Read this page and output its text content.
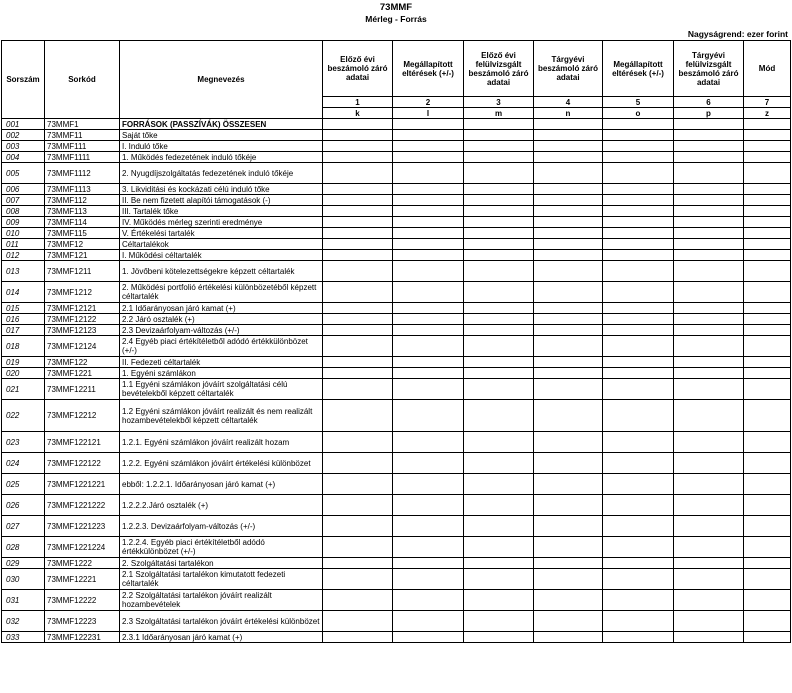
73MMF
Mérleg - Forrás
Nagyságrend: ezer forint
Sorszám	Sorkód	Megnevezés	Előző évi beszámoló záró adatai	Megállapított eltérések (+/-)	Előző évi felülvizsgált beszámoló záró adatai	Tárgyévi beszámoló záró adatai	Megállapított eltérések (+/-)	Tárgyévi felülvizsgált beszámoló záró adatai	Mód
			1	2	3	4	5	6	7
			k	l	m	n	o	p	z
001	73MMF1	FORRÁSOK (PASSZÍVÁK) ÖSSZESEN							
002	73MMF11	Saját tőke							
003	73MMF111	I. Induló tőke							
004	73MMF1111	1. Működés fedezetének induló tőkéje							
005	73MMF1112	2. Nyugdíjszolgáltatás fedezetének induló tőkéje							
006	73MMF1113	3. Likviditási és kockázati célú induló tőke							
007	73MMF112	II. Be nem fizetett alapítói támogatások (-)							
008	73MMF113	III. Tartalék tőke							
009	73MMF114	IV. Működés mérleg szerinti eredménye							
010	73MMF115	V. Értékelési tartalék							
011	73MMF12	Céltartalékok							
012	73MMF121	I. Működési céltartalék							
013	73MMF1211	1. Jövőbeni kötelezettségekre képzett céltartalék							
014	73MMF1212	2. Működési portfolió értékelési különbözetéből képzett céltartalék							
015	73MMF12121	2.1 Időarányosan járó kamat (+)							
016	73MMF12122	2.2 Járó osztalék (+)							
017	73MMF12123	2.3 Devizaárfolyam-változás (+/-)							
018	73MMF12124	2.4 Egyéb piaci értékítéletből adódó értékkülönbözet (+/-)							
019	73MMF122	II. Fedezeti céltartalék							
020	73MMF1221	1. Egyéni számlákon							
021	73MMF12211	1.1 Egyéni számlákon jóváírt szolgáltatási célú bevételekből képzett céltartalék							
022	73MMF12212	1.2 Egyéni számlákon jóváírt realizált és nem realizált hozambevételekből képzett céltartalék							
023	73MMF122121	1.2.1. Egyéni számlákon jóváírt realizált hozam							
024	73MMF122122	1.2.2. Egyéni számlákon jóváírt értékelési különbözet							
025	73MMF1221221	ebből: 1.2.2.1. Időarányosan járó kamat (+)							
026	73MMF1221222	1.2.2.2.Járó osztalék (+)							
027	73MMF1221223	1.2.2.3. Devizaárfolyam-változás (+/-)							
028	73MMF1221224	1.2.2.4. Egyéb piaci értékítéletből adódó értékkülönbözet (+/-)							
029	73MMF1222	2. Szolgáltatási tartalékon							
030	73MMF12221	2.1 Szolgáltatási tartalékon kimutatott fedezeti céltartalék							
031	73MMF12222	2.2 Szolgáltatási tartalékon jóváírt realizált hozambevételek							
032	73MMF12223	2.3 Szolgáltatási tartalékon jóváírt értékelési különbözet							
033	73MMF122231	2.3.1 Időarányosan járó kamat (+)							
